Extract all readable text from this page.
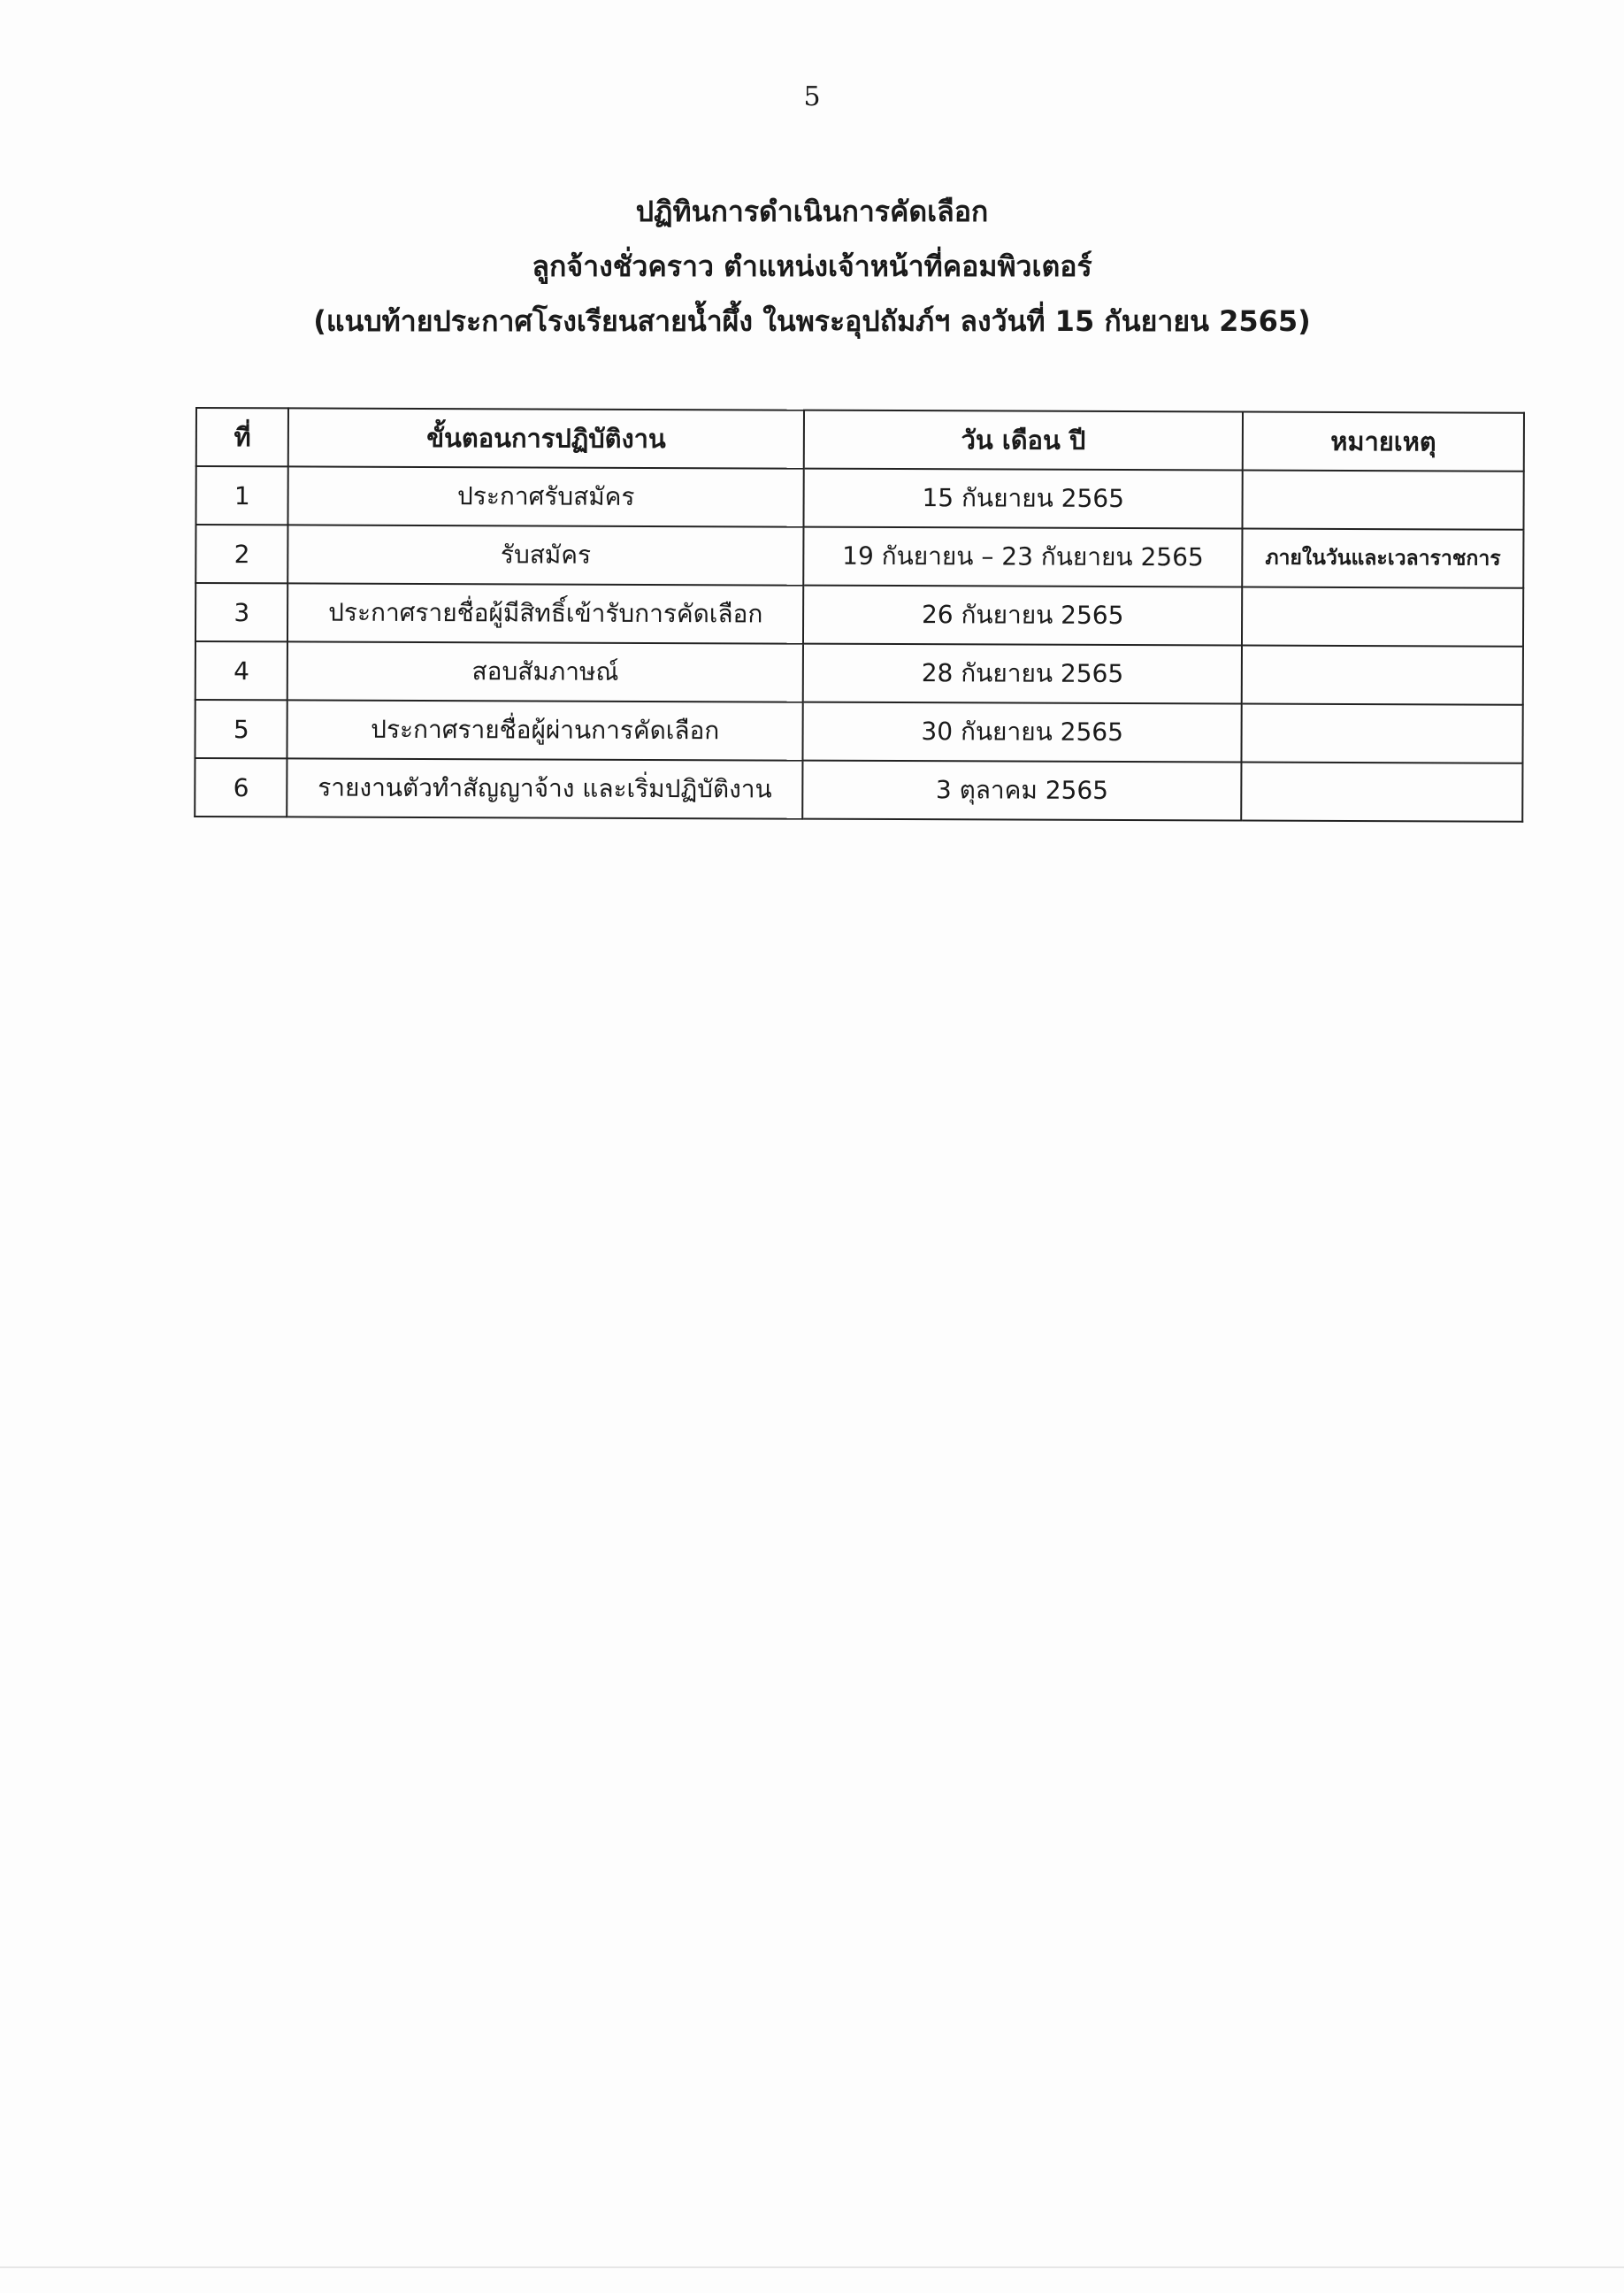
5
ปฏิทินการดำเนินการคัดเลือก
ลูกจ้างชั่วคราว ตำแหน่งเจ้าหน้าที่คอมพิวเตอร์
(แนบท้ายประกาศโรงเรียนสายน้ำผึ้ง ในพระอุปถัมภ์ฯ ลงวันที่ 15 กันยายน 2565)
ที่	ขั้นตอนการปฏิบัติงาน	วัน เดือน ปี	หมายเหตุ
1	ประกาศรับสมัคร	15 กันยายน 2565	
2	รับสมัคร	19 กันยายน – 23 กันยายน 2565	ภายในวันและเวลาราชการ
3	ประกาศรายชื่อผู้มีสิทธิ์เข้ารับการคัดเลือก	26 กันยายน 2565	
4	สอบสัมภาษณ์	28 กันยายน 2565	
5	ประกาศรายชื่อผู้ผ่านการคัดเลือก	30 กันยายน 2565	
6	รายงานตัวทำสัญญาจ้าง และเริ่มปฏิบัติงาน	3 ตุลาคม 2565	
